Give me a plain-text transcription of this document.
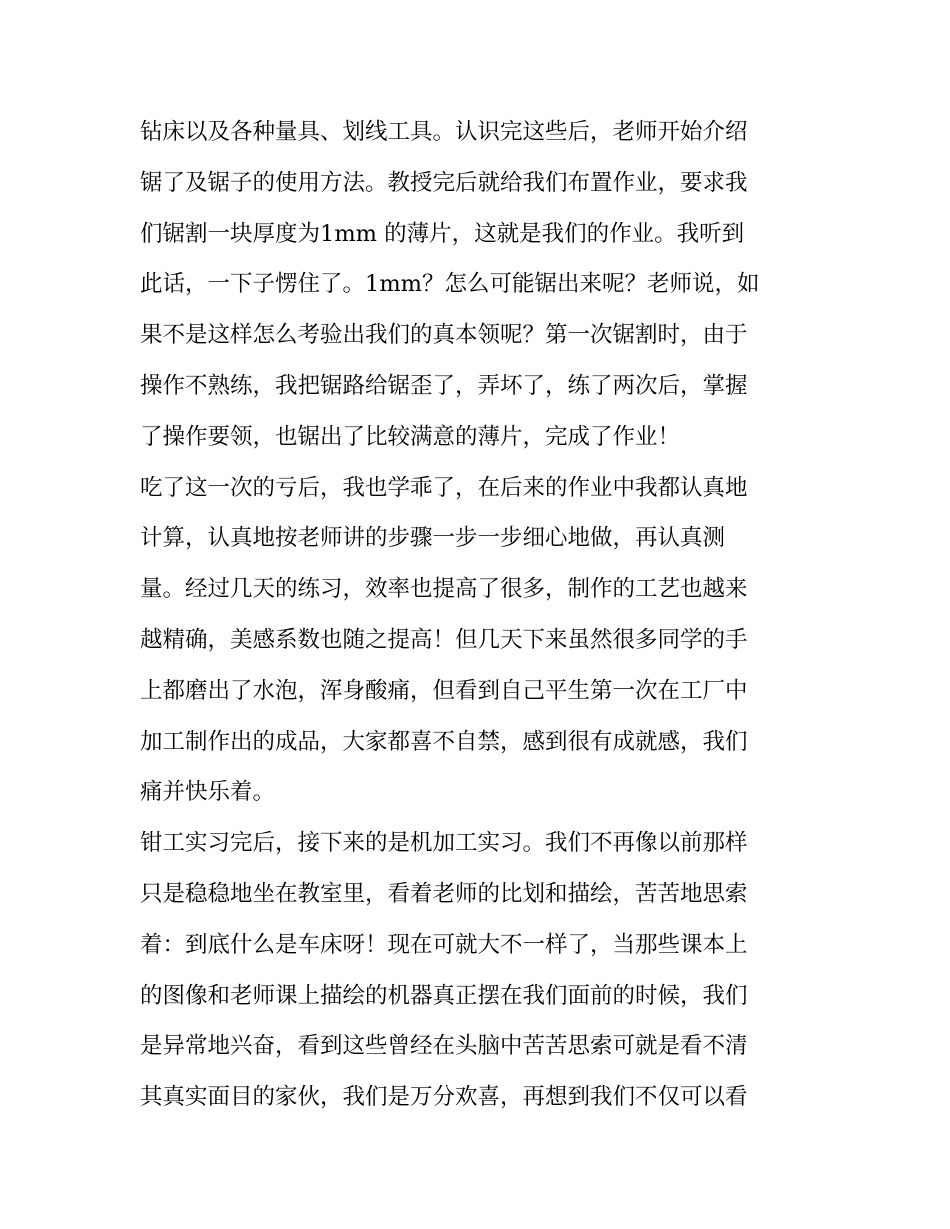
钻床以及各种量具、划线工具。认识完这些后，老师开始介绍
锯了及锯子的使用方法。教授完后就给我们布置作业，要求我
们锯割一块厚度为1mm 的薄片，这就是我们的作业。我听到
此话，一下子愣住了。1mm？怎么可能锯出来呢？老师说，如
果不是这样怎么考验出我们的真本领呢？第一次锯割时，由于
操作不熟练，我把锯路给锯歪了，弄坏了，练了两次后，掌握
了操作要领，也锯出了比较满意的薄片，完成了作业！
吃了这一次的亏后，我也学乖了，在后来的作业中我都认真地
计算，认真地按老师讲的步骤一步一步细心地做，再认真测
量。经过几天的练习，效率也提高了很多，制作的工艺也越来
越精确，美感系数也随之提高！但几天下来虽然很多同学的手
上都磨出了水泡，浑身酸痛，但看到自己平生第一次在工厂中
加工制作出的成品，大家都喜不自禁，感到很有成就感，我们
痛并快乐着。
钳工实习完后，接下来的是机加工实习。我们不再像以前那样
只是稳稳地坐在教室里，看着老师的比划和描绘，苦苦地思索
着：到底什么是车床呀！现在可就大不一样了，当那些课本上
的图像和老师课上描绘的机器真正摆在我们面前的时候，我们
是异常地兴奋，看到这些曾经在头脑中苦苦思索可就是看不清
其真实面目的家伙，我们是万分欢喜，再想到我们不仅可以看
